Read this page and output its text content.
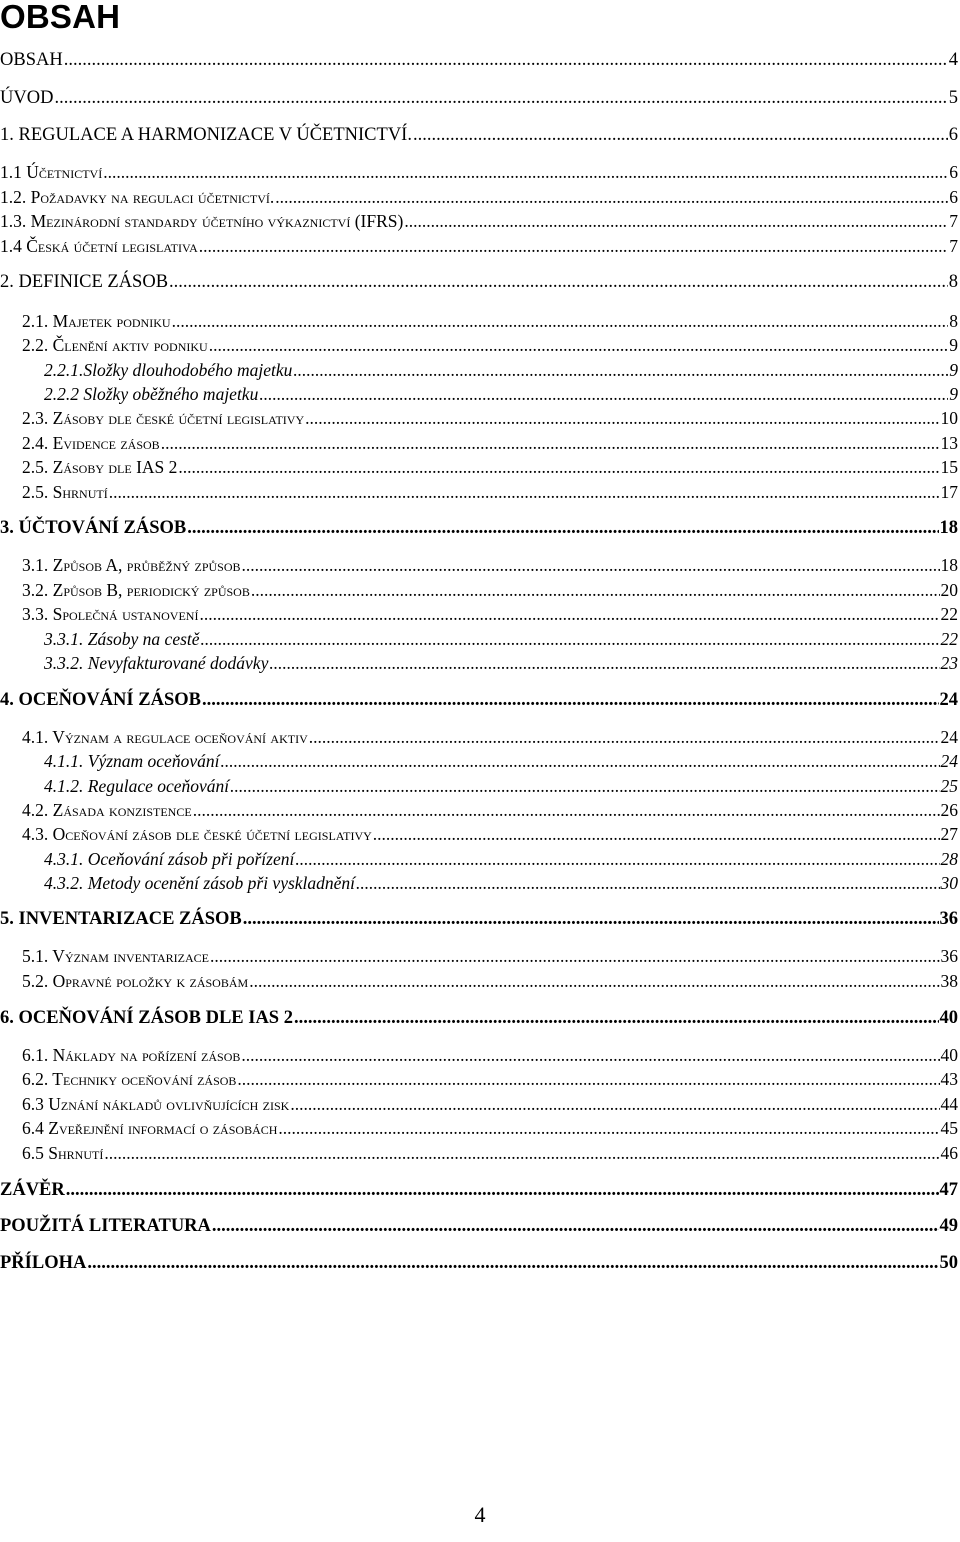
OBSAH
OBSAH .....	4
ÚVOD .....	5
1. REGULACE A HARMONIZACE V ÚČETNICTVÍ. .....	6
1.1 Účetnictví .....	6
1.2. Požadavky na regulaci účetnictví. .....	6
1.3. Mezinárodní standardy účetního výkaznictví (IFRS) .....	7
1.4 Česká účetní legislativa .....	7
2. DEFINICE ZÁSOB .....	8
2.1. Majetek podniku .....	8
2.2. Členění aktiv podniku .....	9
2.2.1.Složky dlouhodobého majetku .....	9
2.2.2 Složky oběžného majetku .....	9
2.3. Zásoby dle české účetní legislativy .....	10
2.4. Evidence zásob .....	13
2.5. Zásoby dle IAS 2 .....	15
2.5. Shrnutí .....	17
3. ÚČTOVÁNÍ ZÁSOB .....	18
3.1. Způsob A, průběžný způsob .....	18
3.2. Způsob B, periodický způsob .....	20
3.3. Společná ustanovení .....	22
3.3.1. Zásoby na cestě .....	22
3.3.2. Nevyfakturované dodávky .....	23
4. OCEŇOVÁNÍ ZÁSOB .....	24
4.1. Význam a regulace oceňování aktiv .....	24
4.1.1. Význam oceňování .....	24
4.1.2. Regulace oceňování .....	25
4.2. Zásada konzistence .....	26
4.3. Oceňování zásob dle české účetní legislativy .....	27
4.3.1. Oceňování zásob při pořízení .....	28
4.3.2. Metody ocenění zásob při vyskladnění .....	30
5. INVENTARIZACE ZÁSOB .....	36
5.1. Význam inventarizace .....	36
5.2. Opravné položky k zásobám .....	38
6. OCEŇOVÁNÍ ZÁSOB DLE IAS 2 .....	40
6.1. Náklady na pořízení zásob .....	40
6.2. Techniky oceňování zásob .....	43
6.3 Uznání nákladů ovlivňujících zisk .....	44
6.4 Zveřejnění informací o zásobách .....	45
6.5 Shrnutí .....	46
ZÁVĚR .....	47
POUŽITÁ LITERATURA .....	49
PŘÍLOHA .....	50
4
